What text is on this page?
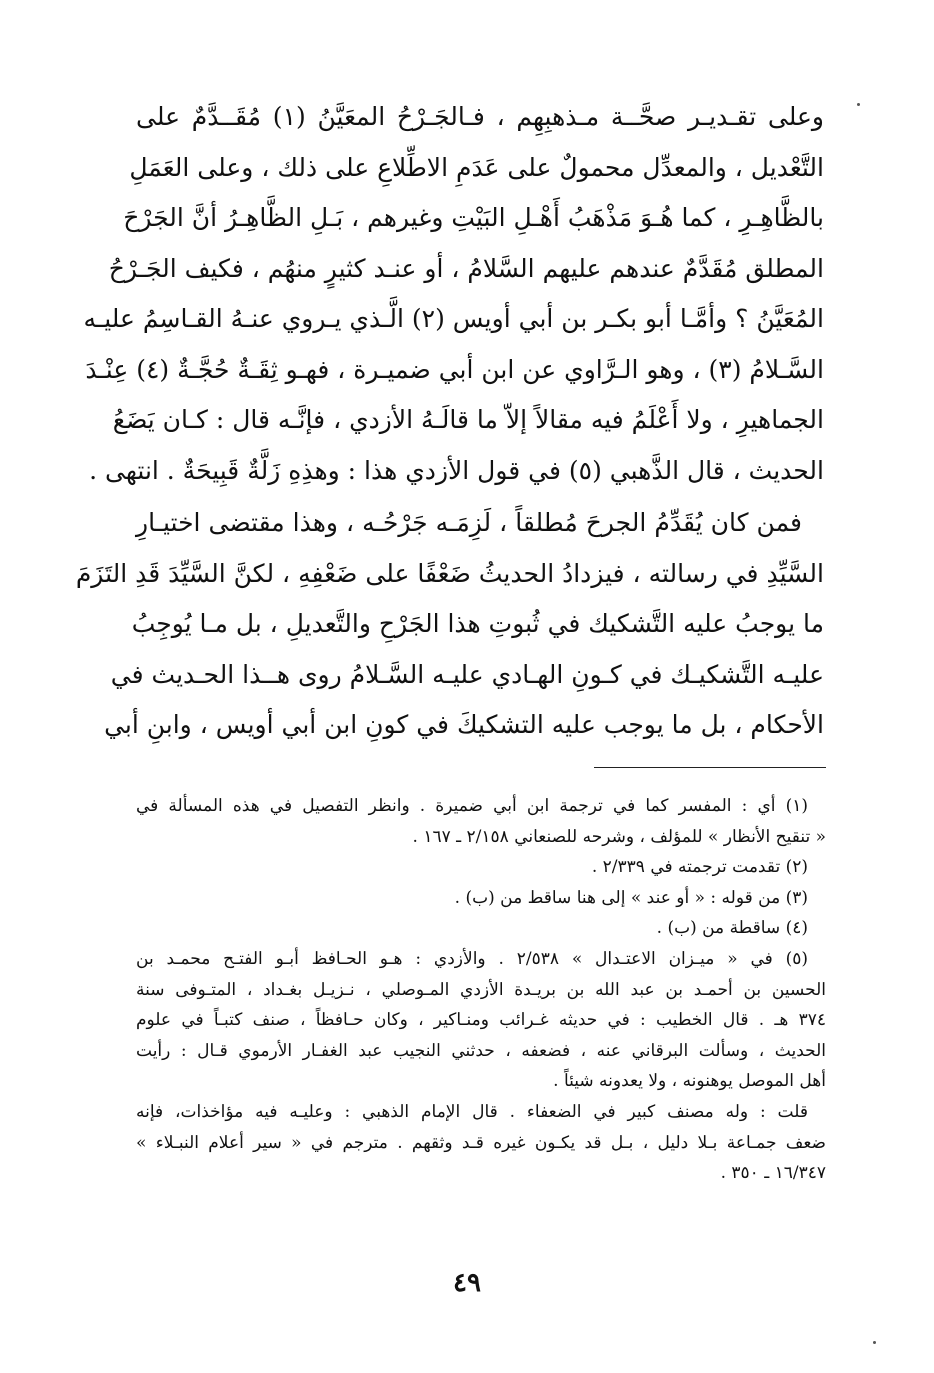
وعلى تقـديـر صحَّــة مـذهبِهِم ، فـالجَـرْحُ المعَيَّنُ (١) مُقَــدَّمٌ على
التَّعْديل ، والمعدِّل محمولٌ على عَدَمِ الاطِّلاعِ على ذلك ، وعلى العَمَلِ
بالظَّاهِـرِ ، كما هُـوَ مَذْهَبُ أَهْـلِ البَيْتِ وغيرهم ، بَـلِ الظَّاهِـرُ أنَّ الجَرْحَ
المطلق مُقَدَّمٌ عندهم عليهم السَّلامُ ، أو عنـد كثيرٍ منهُم ، فكيف الجَـرْحُ
المُعَيَّنُ ؟ وأمَّـا أبو بكـر بن أبي أويس (٢) الَّـذي يـروي عنـهُ القـاسِمُ عليـه
السَّـلامُ (٣) ، وهو الـرَّاوي عن ابن أبي ضميـرة ، فهـو ثِقَـةٌ حُجَّـةٌ (٤) عِنْـدَ
الجماهيرِ ، ولا أَعْلَمُ فيه مقالاً إلاّ ما قالَـهُ الأزدي ، فإنَّـه قال : كـان يَضَعُ
الحديث ، قال الذَّهبي (٥) في قول الأزدي هذا : وهذِهِ زَلَّةٌ قَبِيحَةٌ . انتهى .
فمن كان يُقَدِّمُ الجرحَ مُطلقاً ، لَزِمَـه جَرْحُـه ، وهذا مقتضى اختيـارِ
السَّيِّدِ في رسالته ، فيزدادُ الحديثُ ضَعْفًا على ضَعْفِهِ ، لكنَّ السَّيِّدَ قَدِ التَزَمَ
ما يوجبُ عليه التَّشكيك في ثُبوتِ هذا الجَرْحِ والتَّعديلِ ، بل مـا يُوجِبُ
عليـه التَّشكيـك في كـونِ الهـادي عليـه السَّـلامُ روى هــذا الحـديث في
الأحكام ، بل ما يوجب عليه التشكيكَ في كونِ ابن أبي أويس ، وابنِ أبي
(١) أي : المفسر كما في ترجمة ابن أبي ضميرة . وانظر التفصيل في هذه المسألة في
« تنقيح الأنظار » للمؤلف ، وشرحه للصنعاني ٢/١٥٨ ـ ١٦٧ .
(٢) تقدمت ترجمته في ٢/٣٣٩ .
(٣) من قوله : « أو عند » إلى هنا ساقط من (ب) .
(٤) ساقطة من (ب) .
(٥) في « ميـزان الاعتـدال » ٢/٥٣٨ . والأزدي : هـو الحـافظ أبـو الفتـح محمـد بن
الحسين بن أحمـد بن عبد الله بن بريـدة الأزدي المـوصلي ، نـزيـل بغـداد ، المتـوفى سنة
٣٧٤ هـ . قال الخطيب : في حديثه غـرائب ومنـاكير ، وكان حـافظاً ، صنف كتبـاً في علوم
الحديث ، وسألت البرقاني عنه ، فضعفه ، حدثني النجيب عبد الغفـار الأرموي قـال : رأيت
أهل الموصل يوهنونه ، ولا يعدونه شيئاً .
قلت : وله مصنف كبير في الضعفاء . قال الإمام الذهبي : وعليـه فيه مؤاخذات، فإنه
ضعف جمـاعة بـلا دليل ، بـل قد يكـون غيره قـد وثقهم . مترجم في « سير أعلام النبـلاء »
١٦/٣٤٧ ـ ٣٥٠ .
٤٩
